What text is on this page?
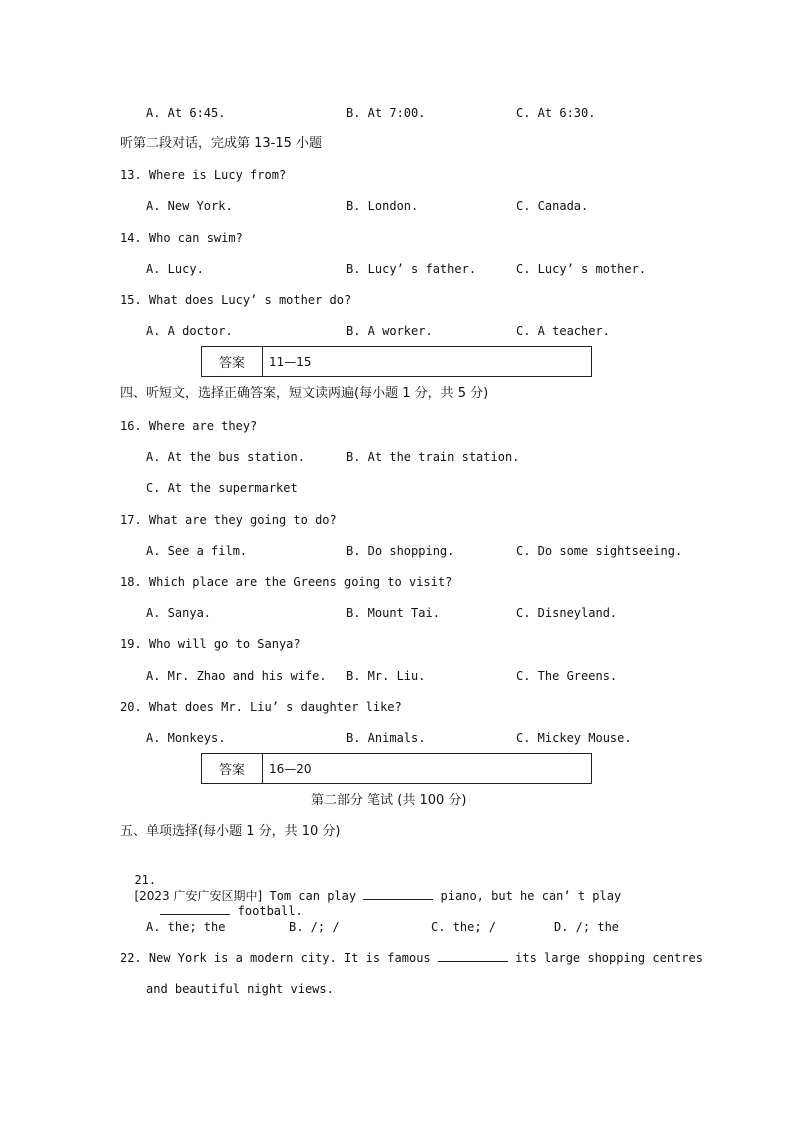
A. At 6:45.	B. At 7:00.	C. At 6:30.
听第二段对话，完成第 13-15 小题
13. Where is Lucy from?
A. New York.	B. London.	C. Canada.
14. Who can swim?
A. Lucy.	B. Lucy’ s father.	C. Lucy’ s mother.
15. What does Lucy’ s mother do?
A. A doctor.	B. A worker.	C. A teacher.
答案	11—15
四、听短文，选择正确答案，短文读两遍(每小题 1 分，共 5 分)
16. Where are they?
A. At the bus station.	B. At the train station.
C. At the supermarket
17. What are they going to do?
A. See a film.	B. Do shopping.	C. Do some sightseeing.
18. Which place are the Greens going to visit?
A. Sanya.	B. Mount Tai.	C. Disneyland.
19. Who will go to Sanya?
A. Mr. Zhao and his wife. B. Mr. Liu.	C. The Greens.
20. What does Mr. Liu’ s daughter like?
A. Monkeys.	B. Animals.	C. Mickey Mouse.
答案	16—20
第二部分 笔试 (共 100 分)
五、单项选择(每小题 1 分，共 10 分)

21.
[2023 广安广安区期中] Tom can play	piano, but he can’ t play

football.

A. the; the	B. /; /	C. the; /	D. /; the
22. New York is a modern city. It is famous	its large shopping centres
and beautiful night views.
